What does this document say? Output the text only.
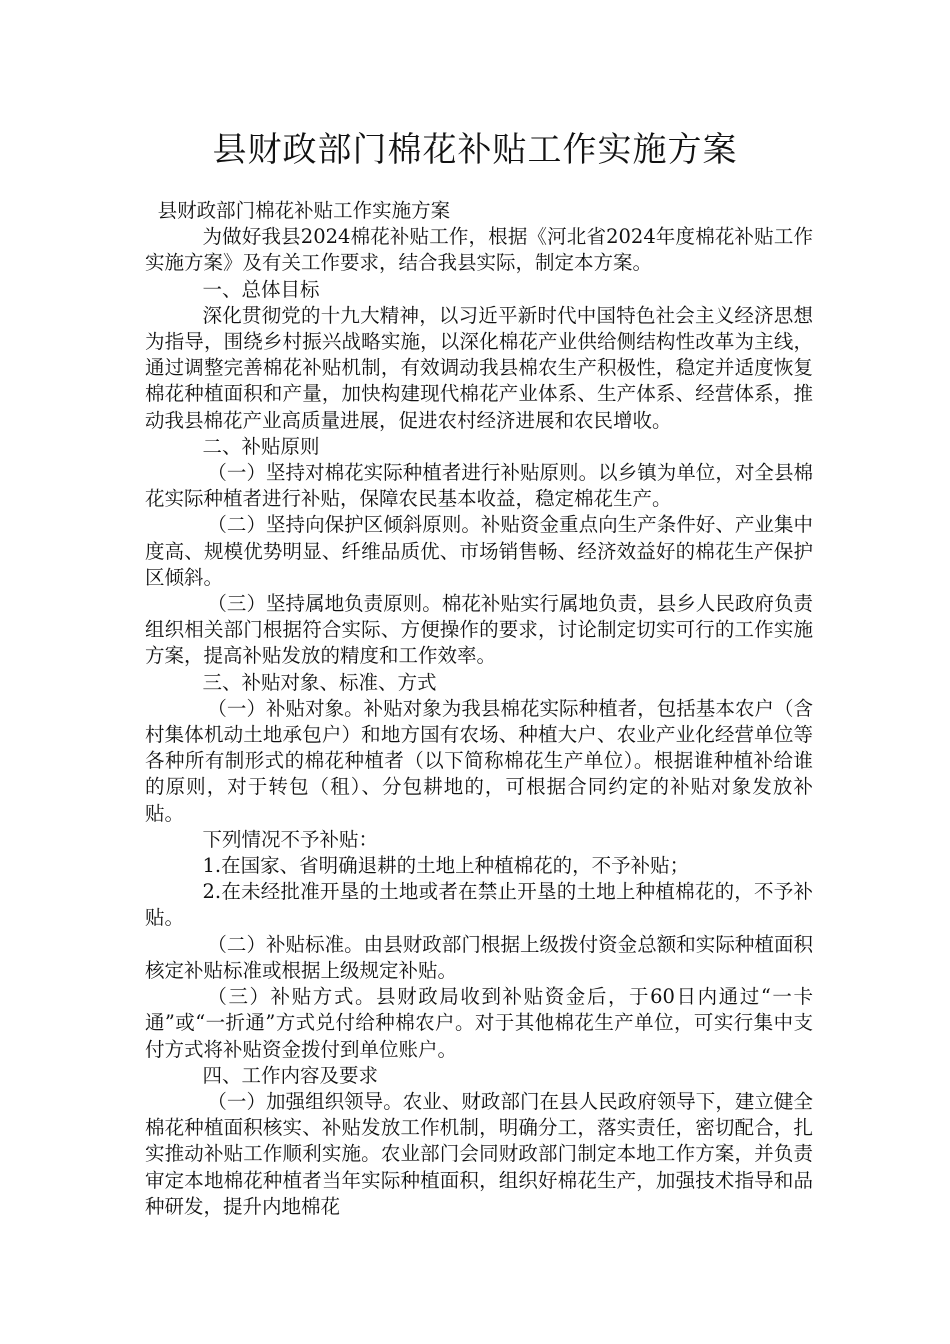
县财政部门棉花补贴工作实施方案

县财政部门棉花补贴工作实施方案

为做好我县2024棉花补贴工作，根据《河北省2024年度棉花补贴工作实施方案》及有关工作要求，结合我县实际，制定本方案。

一、总体目标

深化贯彻党的十九大精神，以习近平新时代中国特色社会主义经济思想为指导，围绕乡村振兴战略实施，以深化棉花产业供给侧结构性改革为主线，通过调整完善棉花补贴机制，有效调动我县棉农生产积极性，稳定并适度恢复棉花种植面积和产量，加快构建现代棉花产业体系、生产体系、经营体系，推动我县棉花产业高质量进展，促进农村经济进展和农民增收。

二、补贴原则

（一）坚持对棉花实际种植者进行补贴原则。以乡镇为单位，对全县棉花实际种植者进行补贴，保障农民基本收益，稳定棉花生产。

（二）坚持向保护区倾斜原则。补贴资金重点向生产条件好、产业集中度高、规模优势明显、纤维品质优、市场销售畅、经济效益好的棉花生产保护区倾斜。

（三）坚持属地负责原则。棉花补贴实行属地负责，县乡人民政府负责组织相关部门根据符合实际、方便操作的要求，讨论制定切实可行的工作实施方案，提高补贴发放的精度和工作效率。

三、补贴对象、标准、方式

（一）补贴对象。补贴对象为我县棉花实际种植者，包括基本农户（含村集体机动土地承包户）和地方国有农场、种植大户、农业产业化经营单位等各种所有制形式的棉花种植者（以下简称棉花生产单位）。根据谁种植补给谁的原则，对于转包（租）、分包耕地的，可根据合同约定的补贴对象发放补贴。

下列情况不予补贴：

1.在国家、省明确退耕的土地上种植棉花的，不予补贴；

2.在未经批准开垦的土地或者在禁止开垦的土地上种植棉花的，不予补贴。

（二）补贴标准。由县财政部门根据上级拨付资金总额和实际种植面积核定补贴标准或根据上级规定补贴。

（三）补贴方式。县财政局收到补贴资金后，于60日内通过“一卡通”或“一折通”方式兑付给种棉农户。对于其他棉花生产单位，可实行集中支付方式将补贴资金拨付到单位账户。

四、工作内容及要求

（一）加强组织领导。农业、财政部门在县人民政府领导下，建立健全棉花种植面积核实、补贴发放工作机制，明确分工，落实责任，密切配合，扎实推动补贴工作顺利实施。农业部门会同财政部门制定本地工作方案，并负责审定本地棉花种植者当年实际种植面积，组织好棉花生产，加强技术指导和品种研发，提升内地棉花
